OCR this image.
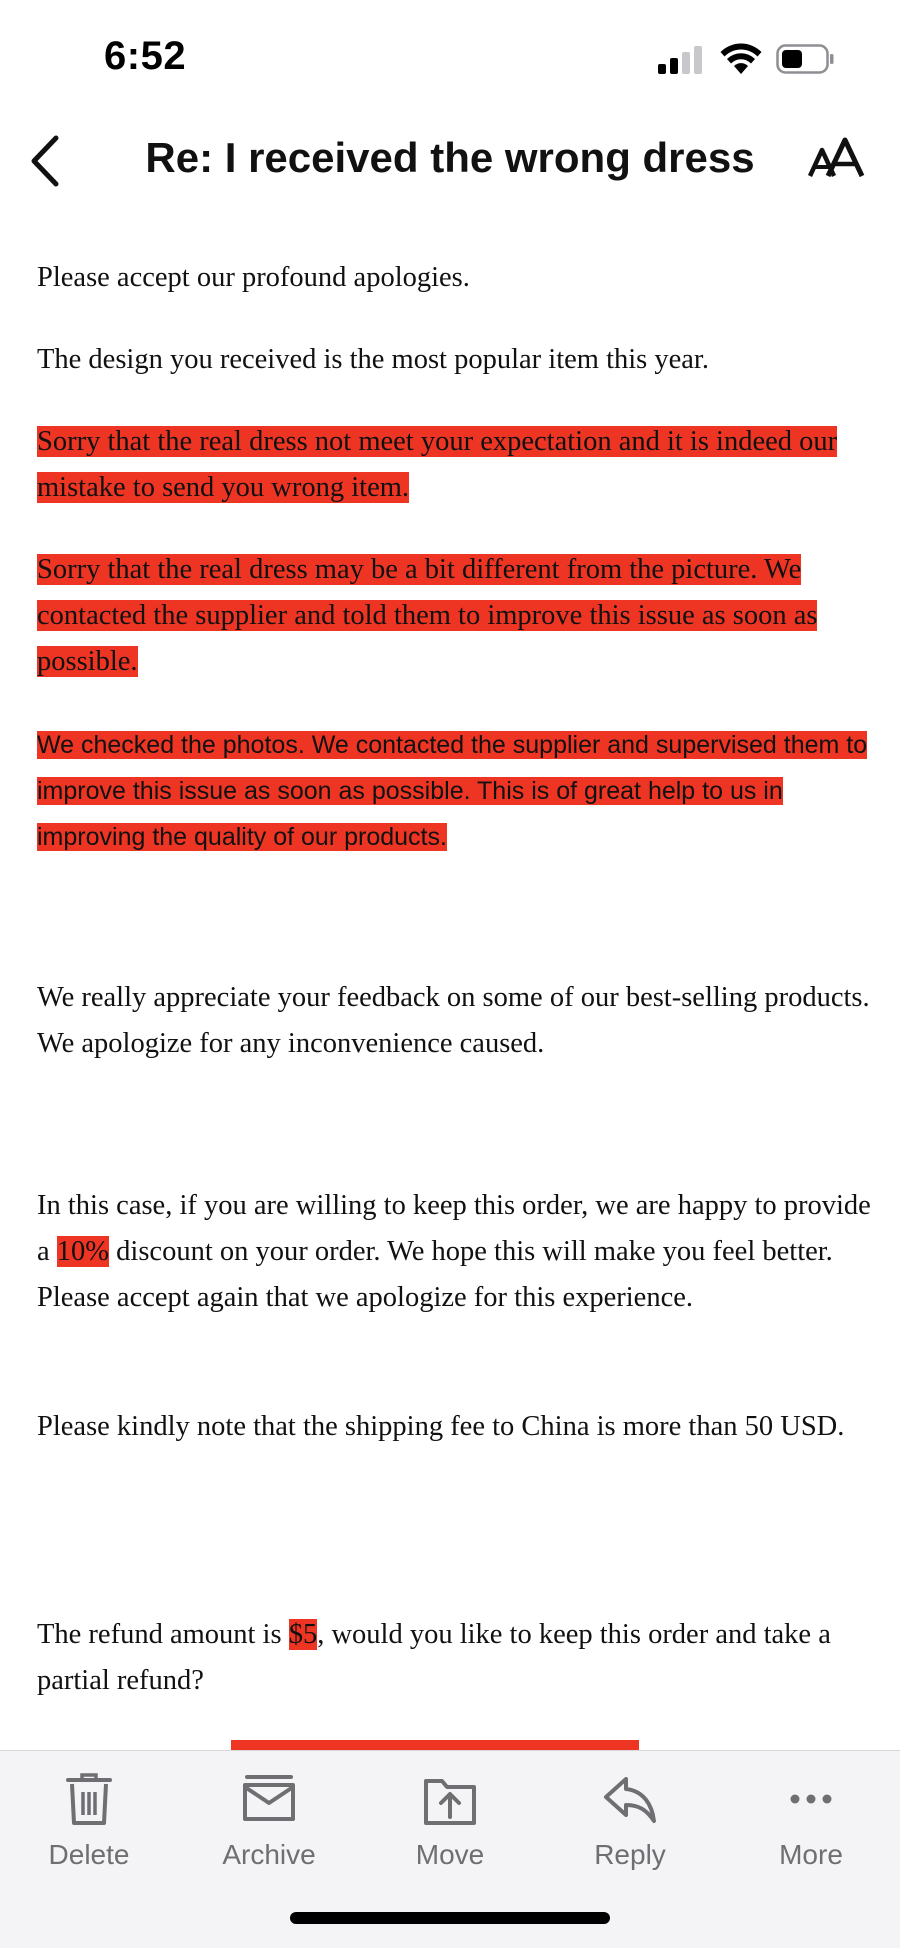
6:52
Re: I received the wrong dress

Please accept our profound apologies.

The design you received is the most popular item this year.

Sorry that the real dress not meet your expectation and it is indeed our mistake to send you wrong item.

Sorry that the real dress may be a bit different from the picture. We contacted the supplier and told them to improve this issue as soon as possible.

We checked the photos. We contacted the supplier and supervised them to improve this issue as soon as possible. This is of great help to us in improving the quality of our products.

We really appreciate your feedback on some of our best-selling products. We apologize for any inconvenience caused.

In this case, if you are willing to keep this order, we are happy to provide a 10% discount on your order. We hope this will make you feel better. Please accept again that we apologize for this experience.

Please kindly note that the shipping fee to China is more than 50 USD.

The refund amount is $5, would you like to keep this order and take a partial refund?

Delete	Archive	Move	Reply	More
